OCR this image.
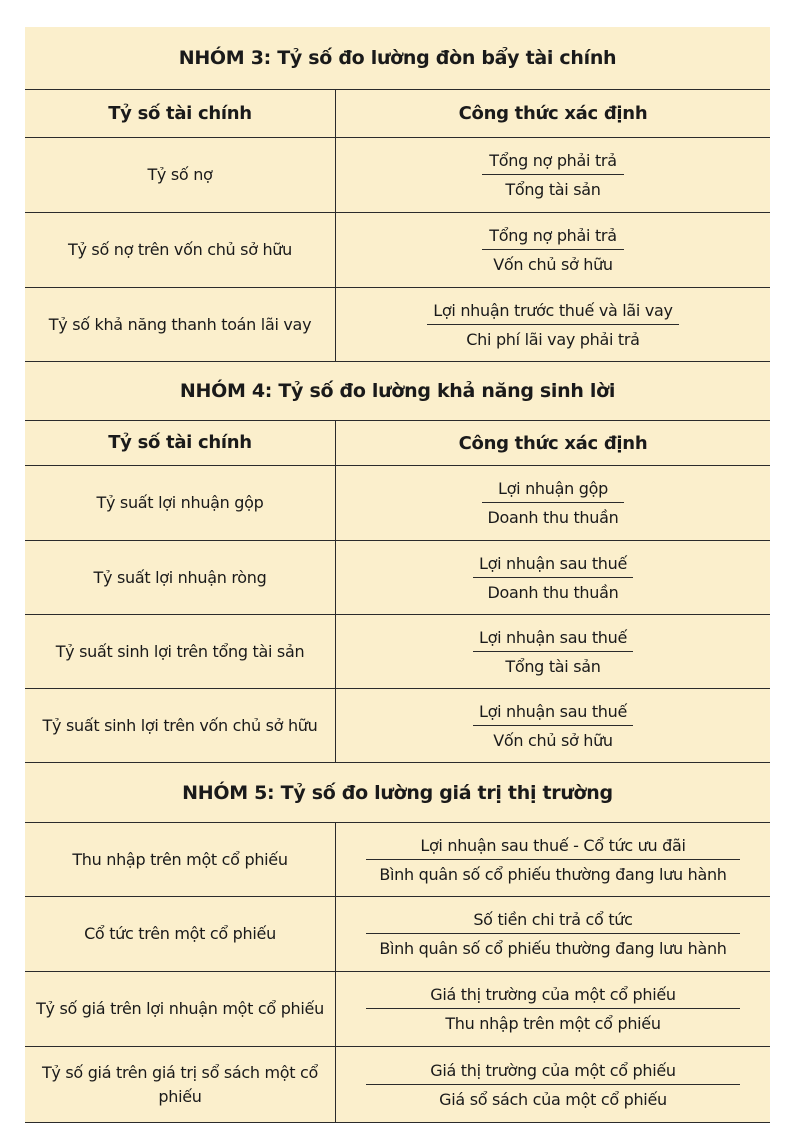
NHÓM 3: Tỷ số đo lường đòn bẩy tài chính
Tỷ số tài chính	Công thức xác định
Tỷ số nợ	$\frac{\text{Tổng nợ phải trả}}{\text{Tổng tài sản}}$
Tỷ số nợ trên vốn chủ sở hữu	$\frac{\text{Tổng nợ phải trả}}{\text{Vốn chủ sở hữu}}$
Tỷ số khả năng thanh toán lãi vay	$\frac{\text{Lợi nhuận trước thuế và lãi vay}}{\text{Chi phí lãi vay phải trả}}$
NHÓM 4: Tỷ số đo lường khả năng sinh lời
Tỷ số tài chính	Công thức xác định
Tỷ suất lợi nhuận gộp	$\frac{\text{Lợi nhuận gộp}}{\text{Doanh thu thuần}}$
Tỷ suất lợi nhuận ròng	$\frac{\text{Lợi nhuận sau thuế}}{\text{Doanh thu thuần}}$
Tỷ suất sinh lợi trên tổng tài sản	$\frac{\text{Lợi nhuận sau thuế}}{\text{Tổng tài sản}}$
Tỷ suất sinh lợi trên vốn chủ sở hữu	$\frac{\text{Lợi nhuận sau thuế}}{\text{Vốn chủ sở hữu}}$
NHÓM 5: Tỷ số đo lường giá trị thị trường
Thu nhập trên một cổ phiếu	$\frac{\text{Lợi nhuận sau thuế - Cổ tức ưu đãi}}{\text{Bình quân số cổ phiếu thường đang lưu hành}}$
Cổ tức trên một cổ phiếu	$\frac{\text{Số tiền chi trả cổ tức}}{\text{Bình quân số cổ phiếu thường đang lưu hành}}$
Tỷ số giá trên lợi nhuận một cổ phiếu	$\frac{\text{Giá thị trường của một cổ phiếu}}{\text{Thu nhập trên một cổ phiếu}}$
Tỷ số giá trên giá trị sổ sách một cổ phiếu	$\frac{\text{Giá thị trường của một cổ phiếu}}{\text{Giá sổ sách của một cổ phiếu}}$
